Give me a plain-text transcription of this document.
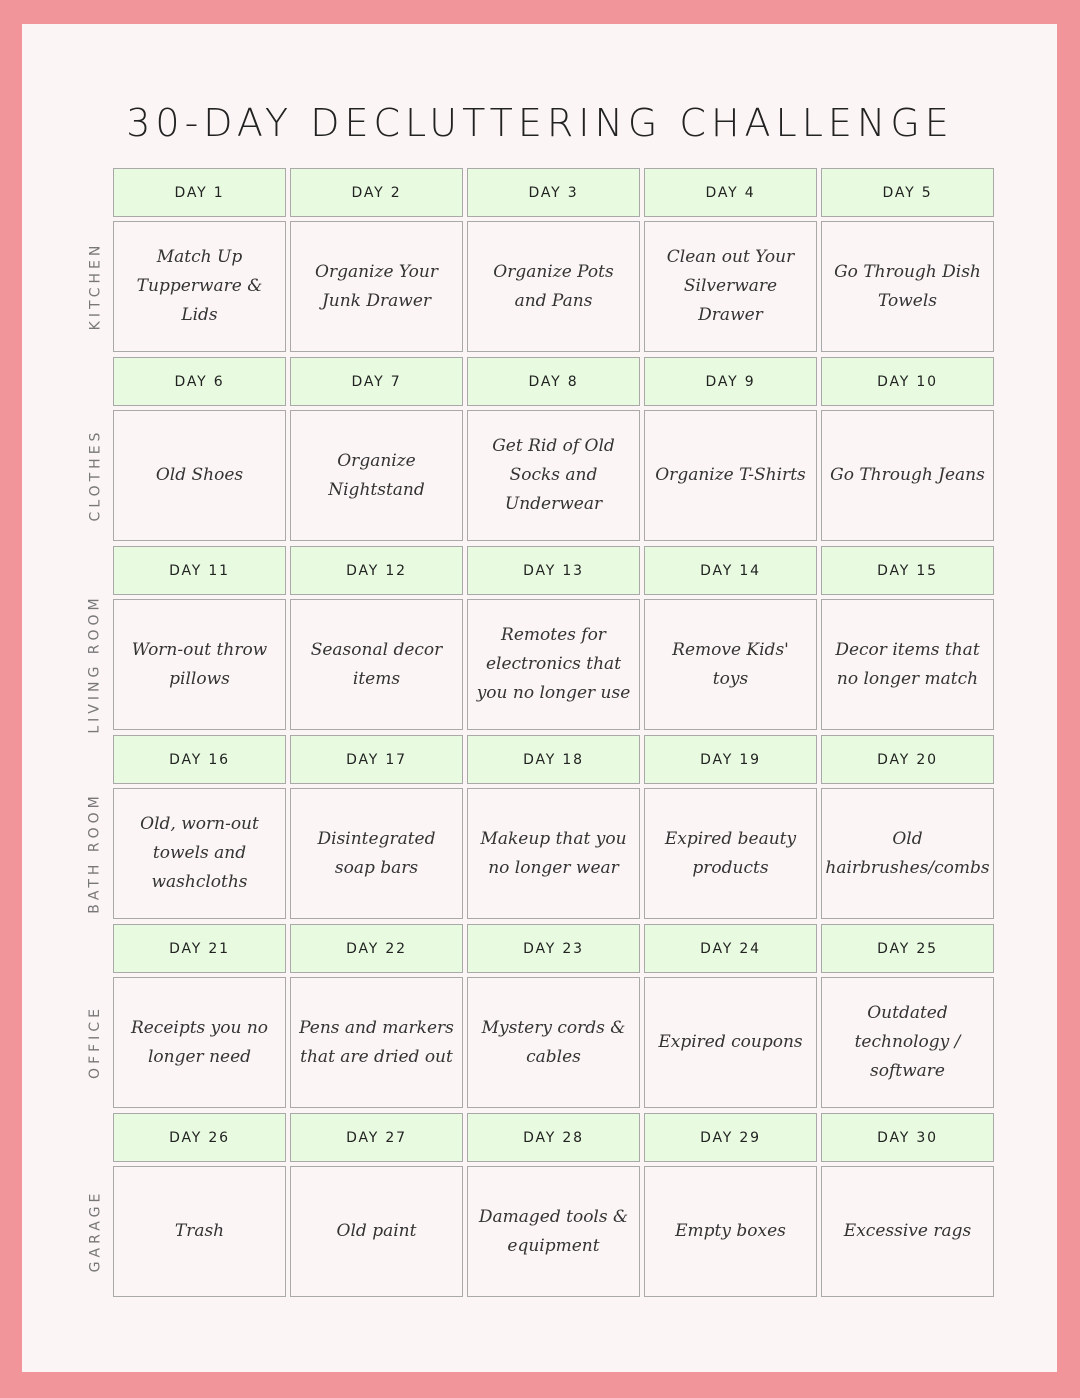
30-DAY DECLUTTERING CHALLENGE
KITCHEN
DAY 1
Match Up Tupperware & Lids
DAY 2
Organize Your Junk Drawer
DAY 3
Organize Pots and Pans
DAY 4
Clean out Your Silverware Drawer
DAY 5
Go Through Dish Towels
CLOTHES
DAY 6
Old Shoes
DAY 7
Organize Nightstand
DAY 8
Get Rid of Old Socks and Underwear
DAY 9
Organize T-Shirts
DAY 10
Go Through Jeans
LIVING ROOM
DAY 11
Worn-out throw pillows
DAY 12
Seasonal decor items
DAY 13
Remotes for electronics that you no longer use
DAY 14
Remove Kids' toys
DAY 15
Decor items that no longer match
BATH ROOM
DAY 16
Old, worn-out towels and washcloths
DAY 17
Disintegrated soap bars
DAY 18
Makeup that you no longer wear
DAY 19
Expired beauty products
DAY 20
Old hairbrushes/combs
OFFICE
DAY 21
Receipts you no longer need
DAY 22
Pens and markers that are dried out
DAY 23
Mystery cords & cables
DAY 24
Expired coupons
DAY 25
Outdated technology / software
GARAGE
DAY 26
Trash
DAY 27
Old paint
DAY 28
Damaged tools & equipment
DAY 29
Empty boxes
DAY 30
Excessive rags
